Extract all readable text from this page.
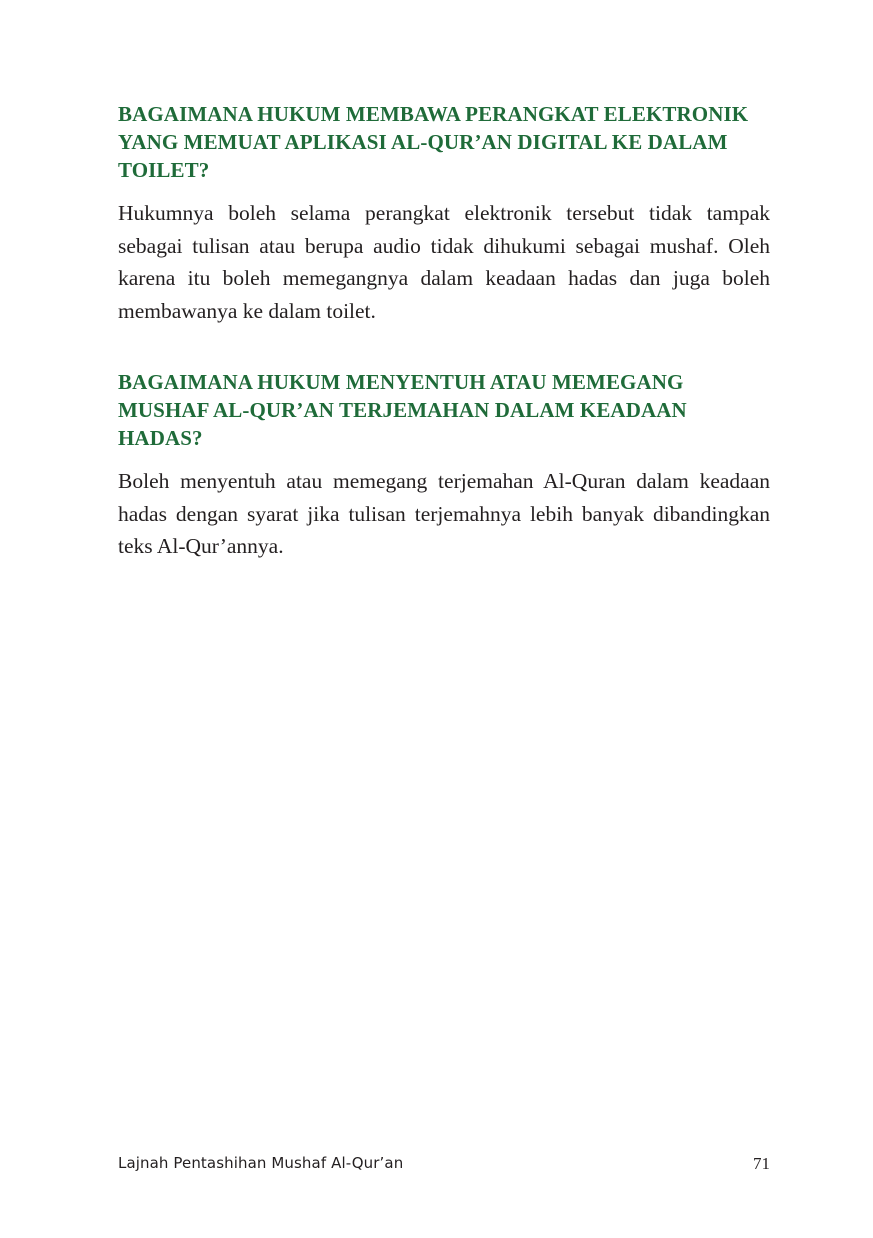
BAGAIMANA HUKUM MEMBAWA PERANGKAT ELEKTRONIK YANG MEMUAT APLIKASI AL-QUR’AN DIGITAL KE DALAM TOILET?

Hukumnya boleh selama perangkat elektronik tersebut tidak tampak sebagai tulisan atau berupa audio tidak dihukumi sebagai mushaf. Oleh karena itu boleh memegangnya dalam keadaan hadas dan juga boleh membawanya ke dalam toilet.

BAGAIMANA HUKUM MENYENTUH ATAU MEMEGANG MUSHAF AL-QUR’AN TERJEMAHAN DALAM KEADAAN HADAS?

Boleh menyentuh atau memegang terjemahan Al-Quran dalam keadaan hadas dengan syarat jika tulisan terjemahnya lebih banyak dibandingkan teks Al-Qur’annya.

Lajnah Pentashihan Mushaf Al-Qur’an	71
